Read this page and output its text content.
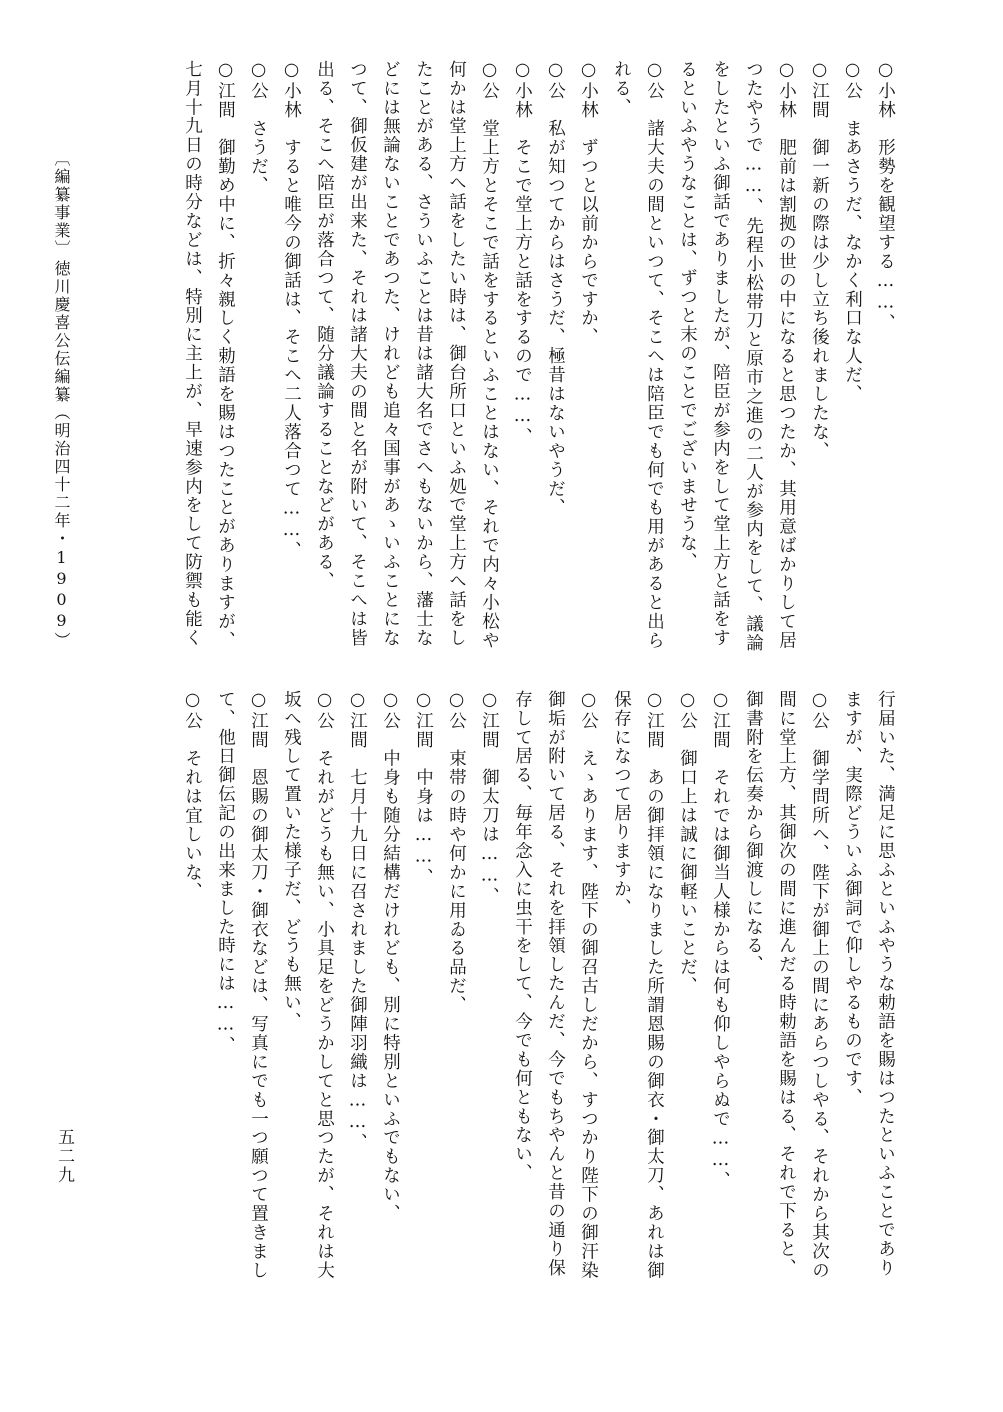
○小林　形勢を観望する……、
○公　まあさうだ、なかく利口な人だ、
○江間　御一新の際は少し立ち後れましたな、
○小林　肥前は割拠の世の中になると思つたか、其用意ばかりして居
つたやうで……、先程小松帯刀と原市之進の二人が参内をして、議論
をしたといふ御話でありましたが、陪臣が参内をして堂上方と話をす
るといふやうなことは、ずつと末のことでございませうな、
○公　諸大夫の間といつて、そこへは陪臣でも何でも用があると出ら
れる、
○小林　ずつと以前からですか、
○公　私が知つてからはさうだ、極昔はないやうだ、
○小林　そこで堂上方と話をするので……、
○公　堂上方とそこで話をするといふことはない、それで内々小松や
何かは堂上方へ話をしたい時は、御台所口といふ処で堂上方へ話をし
たことがある、さういふことは昔は諸大名でさへもないから、藩士な
どには無論ないことであつた、けれども追々国事があゝいふことにな
つて、御仮建が出来た、それは諸大夫の間と名が附いて、そこへは皆
出る、そこへ陪臣が落合つて、随分議論することなどがある、
○小林　すると唯今の御話は、そこへ二人落合つて……、
○公　さうだ、
○江間　御勤め中に、折々親しく勅語を賜はつたことがありますが、
七月十九日の時分などは、特別に主上が、早速参内をして防禦も能く
行届いた、満足に思ふといふやうな勅語を賜はつたといふことであり
ますが、実際どういふ御詞で仰しやるものです、
○公　御学問所へ、陛下が御上の間にあらつしやる、それから其次の
間に堂上方、其御次の間に進んだる時勅語を賜はる、それで下ると、
御書附を伝奏から御渡しになる、
○江間　それでは御当人様からは何も仰しやらぬで……、
○公　御口上は誠に御軽いことだ、
○江間　あの御拝領になりました所謂恩賜の御衣・御太刀、あれは御
保存になつて居りますか、
○公　えゝあります、陛下の御召古しだから、すつかり陛下の御汗染
御垢が附いて居る、それを拝領したんだ、今でもちやんと昔の通り保
存して居る、毎年念入に虫干をして、今でも何ともない、
○江間　御太刀は……、
○公　束帯の時や何かに用ゐる品だ、
○江間　中身は……、
○公　中身も随分結構だけれども、別に特別といふでもない、
○江間　七月十九日に召されました御陣羽織は……、
○公　それがどうも無い、小具足をどうかしてと思つたが、それは大
坂へ残して置いた様子だ、どうも無い、
○江間　恩賜の御太刀・御衣などは、写真にでも一つ願つて置きまし
て、他日御伝記の出来ました時には……、
○公　それは宜しいな、
〔編纂事業〕
徳川慶喜公伝編纂（明治四十二年・1909）
五二九
